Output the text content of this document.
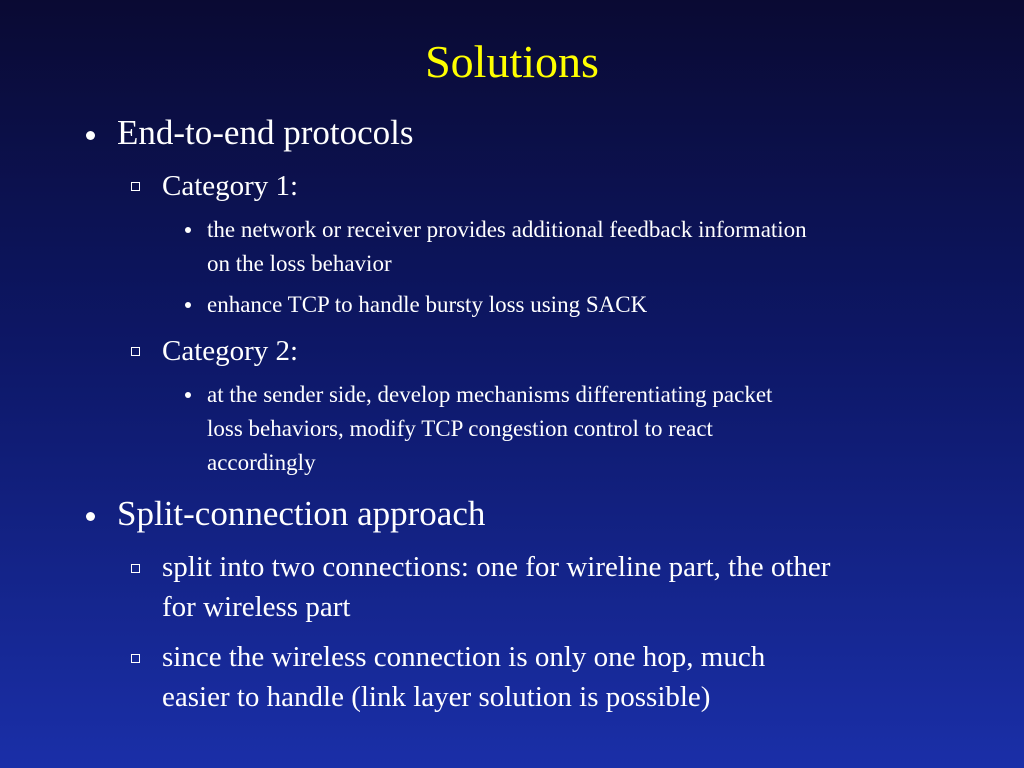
Solutions
End-to-end protocols
Category 1:
the network or receiver provides additional feedback information
on the loss behavior
enhance TCP to handle bursty loss using SACK
Category 2:
at the sender side, develop mechanisms differentiating packet
loss behaviors, modify TCP congestion control to react
accordingly
Split-connection approach
split into two connections: one for wireline part, the other
for wireless part
since the wireless connection is only one hop, much
easier to handle (link layer solution is possible)
